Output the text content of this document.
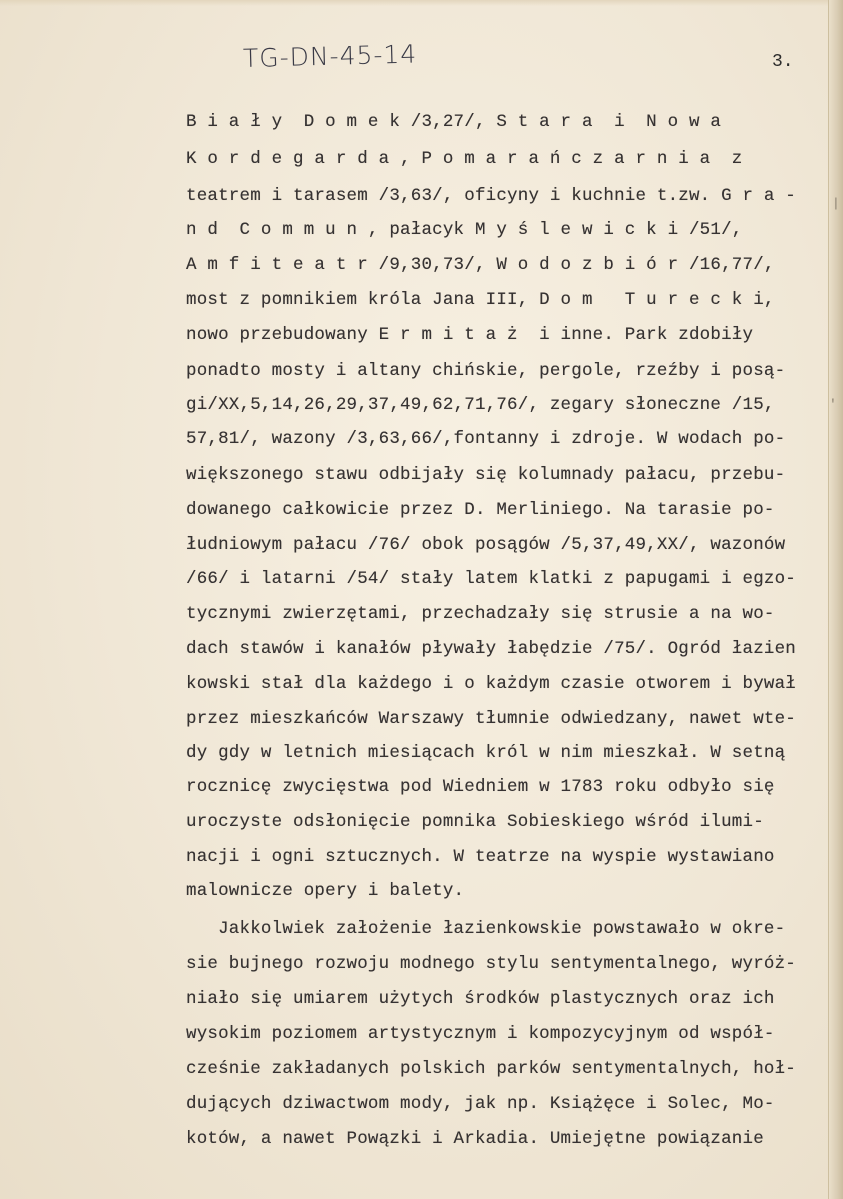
TG-DN-45-14	3.
B i a ł y  D o m e k /3,27/, S t a r a  i  N o w a
K o r d e g a r d a , P o m a r a ń c z a r n i a  z
teatrem i tarasem /3,63/, oficyny i kuchnie t.zw. G r a -
n d  C o m m u n , pałacyk M y ś l e w i c k i /51/,
A m f i t e a t r /9,30,73/, W o d o z b i ó r /16,77/,
most z pomnikiem króla Jana III, D o m   T u r e c k i,
nowo przebudowany E r m i t a ż  i inne. Park zdobiły
ponadto mosty i altany chińskie, pergole, rzeźby i posą-
gi/XX,5,14,26,29,37,49,62,71,76/, zegary słoneczne /15,
57,81/, wazony /3,63,66/,fontanny i zdroje. W wodach po-
większonego stawu odbijały się kolumnady pałacu, przebu-
dowanego całkowicie przez D. Merliniego. Na tarasie po-
łudniowym pałacu /76/ obok posągów /5,37,49,XX/, wazonów
/66/ i latarni /54/ stały latem klatki z papugami i egzo-
tycznymi zwierzętami, przechadzały się strusie a na wo-
dach stawów i kanałów pływały łabędzie /75/. Ogród łazien
kowski stał dla każdego i o każdym czasie otworem i bywał
przez mieszkańców Warszawy tłumnie odwiedzany, nawet wte-
dy gdy w letnich miesiącach król w nim mieszkał. W setną
rocznicę zwycięstwa pod Wiedniem w 1783 roku odbyło się
uroczyste odsłonięcie pomnika Sobieskiego wśród ilumi-
nacji i ogni sztucznych. W teatrze na wyspie wystawiano
malownicze opery i balety.
Jakkolwiek założenie łazienkowskie powstawało w okre-
sie bujnego rozwoju modnego stylu sentymentalnego, wyróż-
niało się umiarem użytych środków plastycznych oraz ich
wysokim poziomem artystycznym i kompozycyjnym od współ-
cześnie zakładanych polskich parków sentymentalnych, hoł-
dujących dziwactwom mody, jak np. Książęce i Solec, Mo-
kotów, a nawet Powązki i Arkadia. Umiejętne powiązanie
|
'
